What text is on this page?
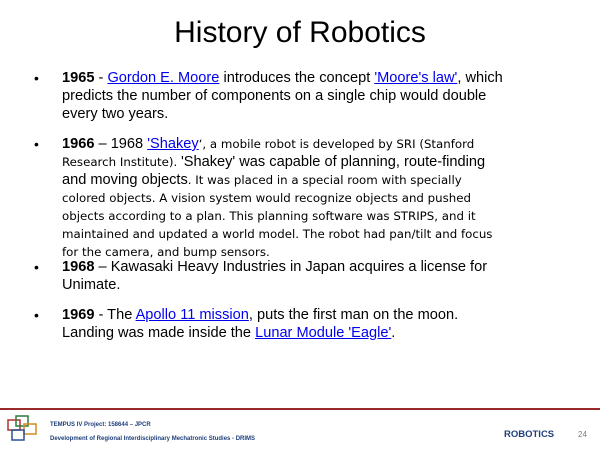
History of Robotics
• 1965 - Gordon E. Moore introduces the concept 'Moore's law', which
predicts the number of components on a single chip would double
every two years.
• 1966 – 1968 'Shakey‘, a mobile robot is developed by SRI (Stanford
Research Institute). 'Shakey' was capable of planning, route-finding
and moving objects. It was placed in a special room with specially
colored objects. A vision system would recognize objects and pushed
objects according to a plan. This planning software was STRIPS, and it
maintained and updated a world model. The robot had pan/tilt and focus
for the camera, and bump sensors.
• 1968 – Kawasaki Heavy Industries in Japan acquires a license for
Unimate.
• 1969 - The Apollo 11 mission, puts the first man on the moon.
Landing was made inside the Lunar Module 'Eagle'.
TEMPUS IV Project: 158644 – JPCR
Development of Regional Interdisciplinary Mechatronic Studies - DRIMS	ROBOTICS	24
